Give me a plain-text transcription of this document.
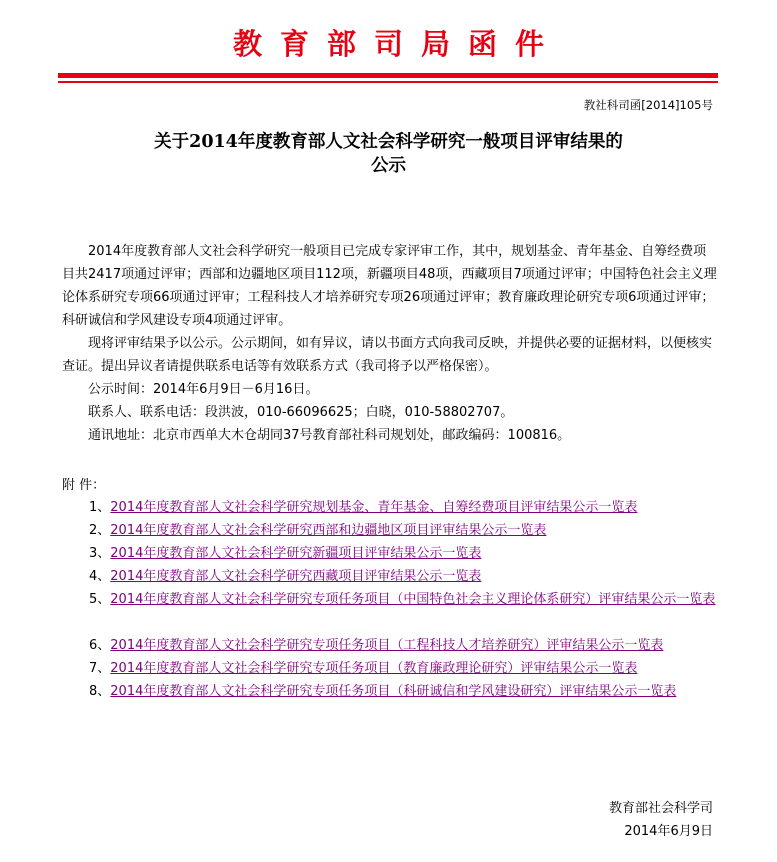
教育部司局函件
教社科司函[2014]105号
关于2014年度教育部人文社会科学研究一般项目评审结果的
公示

2014年度教育部人文社会科学研究一般项目已完成专家评审工作，其中，规划基金、青年基金、自筹经费项目共2417项通过评审；西部和边疆地区项目112项，新疆项目48项，西藏项目7项通过评审；中国特色社会主义理论体系研究专项66项通过评审；工程科技人才培养研究专项26项通过评审；教育廉政理论研究专项6项通过评审；科研诚信和学风建设专项4项通过评审。

现将评审结果予以公示。公示期间，如有异议，请以书面方式向我司反映，并提供必要的证据材料，以便核实查证。提出异议者请提供联系电话等有效联系方式（我司将予以严格保密）。

公示时间：2014年6月9日－6月16日。

联系人、联系电话：段洪波，010-66096625；白晓，010-58802707。

通讯地址：北京市西单大木仓胡同37号教育部社科司规划处，邮政编码：100816。

附 件：
1、2014年度教育部人文社会科学研究规划基金、青年基金、自筹经费项目评审结果公示一览表
2、2014年度教育部人文社会科学研究西部和边疆地区项目评审结果公示一览表
3、2014年度教育部人文社会科学研究新疆项目评审结果公示一览表
4、2014年度教育部人文社会科学研究西藏项目评审结果公示一览表
5、2014年度教育部人文社会科学研究专项任务项目（中国特色社会主义理论体系研究）评审结果公示一览表
6、2014年度教育部人文社会科学研究专项任务项目（工程科技人才培养研究）评审结果公示一览表
7、2014年度教育部人文社会科学研究专项任务项目（教育廉政理论研究）评审结果公示一览表
8、2014年度教育部人文社会科学研究专项任务项目（科研诚信和学风建设研究）评审结果公示一览表
教育部社会科学司
2014年6月9日
